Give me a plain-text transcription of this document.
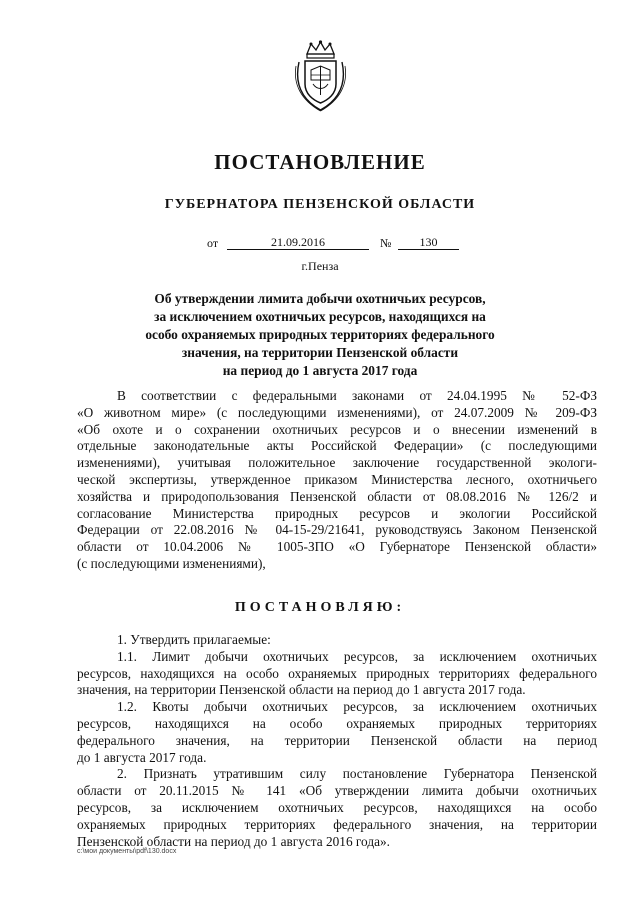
ПОСТАНОВЛЕНИЕ
ГУБЕРНАТОРА ПЕНЗЕНСКОЙ ОБЛАСТИ
от	21.09.2016	№	130
г.Пенза
Об утверждении лимита добычи охотничьих ресурсов,
за исключением охотничьих ресурсов, находящихся на
особо охраняемых природных территориях федерального
значения, на территории Пензенской области
на период до 1 августа 2017 года
В соответствии с федеральными законами от 24.04.1995 № 52-ФЗ
«О животном мире» (с последующими изменениями), от 24.07.2009 № 209-ФЗ
«Об охоте и о сохранении охотничьих ресурсов и о внесении изменений в
отдельные законодательные акты Российской Федерации» (с последующими
изменениями), учитывая положительное заключение государственной экологи-
ческой экспертизы, утвержденное приказом Министерства лесного, охотничьего
хозяйства и природопользования Пензенской области от 08.08.2016 № 126/2 и
согласование Министерства природных ресурсов и экологии Российской
Федерации от 22.08.2016 № 04-15-29/21641, руководствуясь Законом Пензенской
области от 10.04.2006 № 1005-ЗПО «О Губернаторе Пензенской области»
(с последующими изменениями),
ПОСТАНОВЛЯЮ:
1. Утвердить прилагаемые:
1.1. Лимит добычи охотничьих ресурсов, за исключением охотничьих
ресурсов, находящихся на особо охраняемых природных территориях федерального
значения, на территории Пензенской области на период до 1 августа 2017 года.
1.2. Квоты добычи охотничьих ресурсов, за исключением охотничьих
ресурсов, находящихся на особо охраняемых природных территориях
федерального значения, на территории Пензенской области на период
до 1 августа 2017 года.
2. Признать утратившим силу постановление Губернатора Пензенской
области от 20.11.2015 № 141 «Об утверждении лимита добычи охотничьих
ресурсов, за исключением охотничьих ресурсов, находящихся на особо
охраняемых природных территориях федерального значения, на территории
Пензенской области на период до 1 августа 2016 года».
c:\мои документы\pdf\130.docx
